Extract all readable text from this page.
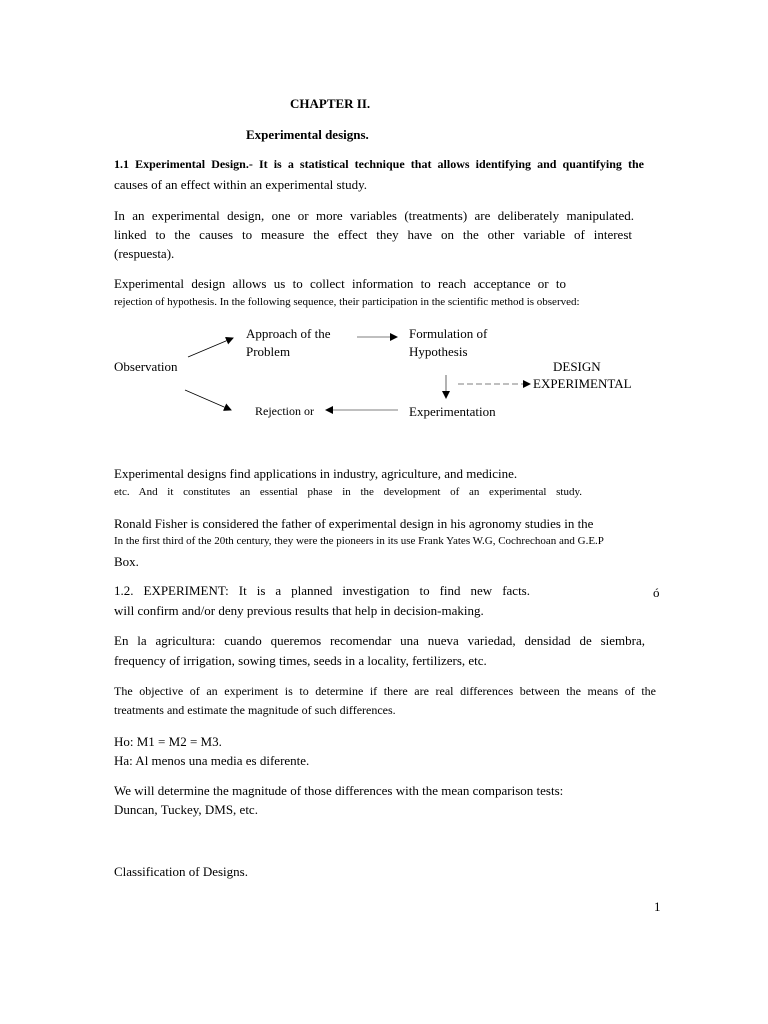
CHAPTER II.
Experimental designs.
1.1 Experimental Design.- It is a statistical technique that allows identifying and quantifying the
causes of an effect within an experimental study.
In an experimental design, one or more variables (treatments) are deliberately manipulated.
linked to the causes to measure the effect they have on the other variable of interest
(respuesta).
Experimental design allows us to collect information to reach acceptance or to
rejection of hypothesis. In the following sequence, their participation in the scientific method is observed:
Observation
Approach of the
Problem
Formulation of
Hypothesis
DESIGN
EXPERIMENTAL
Rejection or	Experimentation
Experimental designs find applications in industry, agriculture, and medicine.
etc. And it constitutes an essential phase in the development of an experimental study.
Ronald Fisher is considered the father of experimental design in his agronomy studies in the
In the first third of the 20th century, they were the pioneers in its use Frank Yates W.G, Cochrechoan and G.E.P
Box.
1.2. EXPERIMENT: It is a planned investigation to find new facts.	ó
will confirm and/or deny previous results that help in decision-making.
En la agricultura: cuando queremos recomendar una nueva variedad, densidad de siembra,
frequency of irrigation, sowing times, seeds in a locality, fertilizers, etc.
The objective of an experiment is to determine if there are real differences between the means of the
treatments and estimate the magnitude of such differences.
Ho: M1 = M2 = M3.
Ha: Al menos una media es diferente.
We will determine the magnitude of those differences with the mean comparison tests:
Duncan, Tuckey, DMS, etc.
Classification of Designs.
1
